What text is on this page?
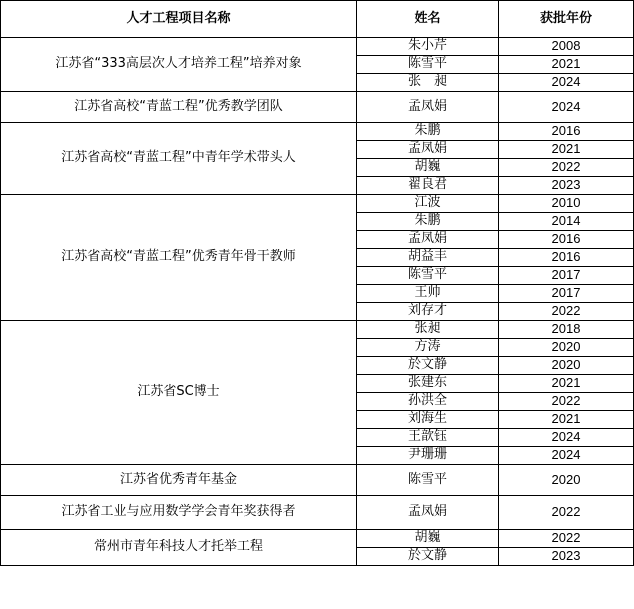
人才工程项目名称	姓名	获批年份
江苏省“333高层次人才培养工程”培养对象	朱小芹	2008
	陈雪平	2021
	张　昶	2024
江苏省高校“青蓝工程”优秀教学团队	孟凤娟	2024
江苏省高校“青蓝工程”中青年学术带头人	朱鹏	2016
	孟凤娟	2021
	胡巍	2022
	翟良君	2023
江苏省高校“青蓝工程”优秀青年骨干教师	江波	2010
	朱鹏	2014
	孟凤娟	2016
	胡益丰	2016
	陈雪平	2017
	王帅	2017
	刘存才	2022
江苏省SC博士	张昶	2018
	方涛	2020
	於文静	2020
	张建东	2021
	孙洪全	2022
	刘海生	2021
	王歆钰	2024
	尹珊珊	2024
江苏省优秀青年基金	陈雪平	2020
江苏省工业与应用数学学会青年奖获得者	孟凤娟	2022
常州市青年科技人才托举工程	胡巍	2022
	於文静	2023
